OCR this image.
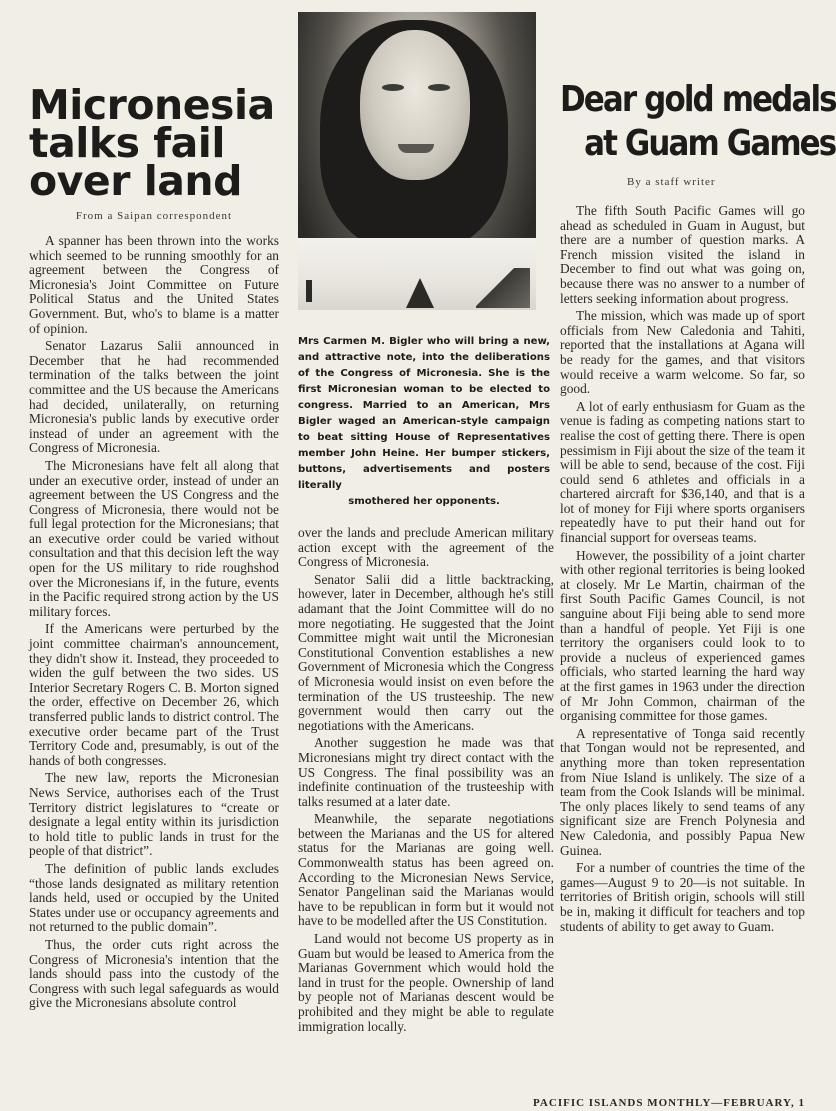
Micronesia talks fail over land
From a Saipan correspondent

A spanner has been thrown into the works which seemed to be running smoothly for an agreement between the Congress of Micronesia's Joint Committee on Future Political Status and the United States Government. But, who's to blame is a matter of opinion.

Senator Lazarus Salii announced in December that he had recommended termination of the talks between the joint committee and the US because the Americans had decided, unilaterally, on returning Micronesia's public lands by executive order instead of under an agreement with the Congress of Micronesia.

The Micronesians have felt all along that under an executive order, instead of under an agreement between the US Congress and the Congress of Micronesia, there would not be full legal protection for the Micronesians; that an executive order could be varied without consultation and that this decision left the way open for the US military to ride roughshod over the Micronesians if, in the future, events in the Pacific required strong action by the US military forces.

If the Americans were perturbed by the joint committee chairman's announcement, they didn't show it. Instead, they proceeded to widen the gulf between the two sides. US Interior Secretary Rogers C. B. Morton signed the order, effective on December 26, which transferred public lands to district control. The executive order became part of the Trust Territory Code and, presumably, is out of the hands of both congresses.

The new law, reports the Micronesian News Service, authorises each of the Trust Territory district legislatures to “create or designate a legal entity within its jurisdiction to hold title to public lands in trust for the people of that district”.

The definition of public lands excludes “those lands designated as military retention lands held, used or occupied by the United States under use or occupancy agreements and not returned to the public domain”.

Thus, the order cuts right across the Congress of Micronesia's intention that the lands should pass into the custody of the Congress with such legal safeguards as would give the Micronesians absolute control

Mrs Carmen M. Bigler who will bring a new, and attractive note, into the deliberations of the Congress of Micronesia. She is the first Micronesian woman to be elected to congress. Married to an American, Mrs Bigler waged an American-style campaign to beat sitting House of Representatives member John Heine. Her bumper stickers, buttons, advertisements and posters literally
smothered her opponents.

over the lands and preclude American military action except with the agreement of the Congress of Micronesia.

Senator Salii did a little backtracking, however, later in December, although he's still adamant that the Joint Committee will do no more negotiating. He suggested that the Joint Committee might wait until the Micronesian Constitutional Convention establishes a new Government of Micronesia which the Congress of Micronesia would insist on even before the termination of the US trusteeship. The new government would then carry out the negotiations with the Americans.

Another suggestion he made was that Micronesians might try direct contact with the US Congress. The final possibility was an indefinite continuation of the trusteeship with talks resumed at a later date.

Meanwhile, the separate negotiations between the Marianas and the US for altered status for the Marianas are going well. Commonwealth status has been agreed on. According to the Micronesian News Service, Senator Pangelinan said the Marianas would have to be republican in form but it would not have to be modelled after the US Constitution.

Land would not become US property as in Guam but would be leased to America from the Marianas Government which would hold the land in trust for the people. Ownership of land by people not of Marianas descent would be prohibited and they might be able to regulate immigration locally.

Dear gold medals
at Guam Games
By a staff writer

The fifth South Pacific Games will go ahead as scheduled in Guam in August, but there are a number of question marks. A French mission visited the island in December to find out what was going on, because there was no answer to a number of letters seeking information about progress.

The mission, which was made up of sport officials from New Caledonia and Tahiti, reported that the installations at Agana will be ready for the games, and that visitors would receive a warm welcome. So far, so good.

A lot of early enthusiasm for Guam as the venue is fading as competing nations start to realise the cost of getting there. There is open pessimism in Fiji about the size of the team it will be able to send, because of the cost. Fiji could send 6 athletes and officials in a chartered aircraft for $36,140, and that is a lot of money for Fiji where sports organisers repeatedly have to put their hand out for financial support for overseas teams.

However, the possibility of a joint charter with other regional territories is being looked at closely. Mr Le Martin, chairman of the first South Pacific Games Council, is not sanguine about Fiji being able to send more than a handful of people. Yet Fiji is one territory the organisers could look to to provide a nucleus of experienced games officials, who started learning the hard way at the first games in 1963 under the direction of Mr John Common, chairman of the organising committee for those games.

A representative of Tonga said recently that Tongan would not be represented, and anything more than token representation from Niue Island is unlikely. The size of a team from the Cook Islands will be minimal. The only places likely to send teams of any significant size are French Polynesia and New Caledonia, and possibly Papua New Guinea.

For a number of countries the time of the games—August 9 to 20—is not suitable. In territories of British origin, schools will still be in, making it difficult for teachers and top students of ability to get away to Guam.

PACIFIC ISLANDS MONTHLY—FEBRUARY, 1
